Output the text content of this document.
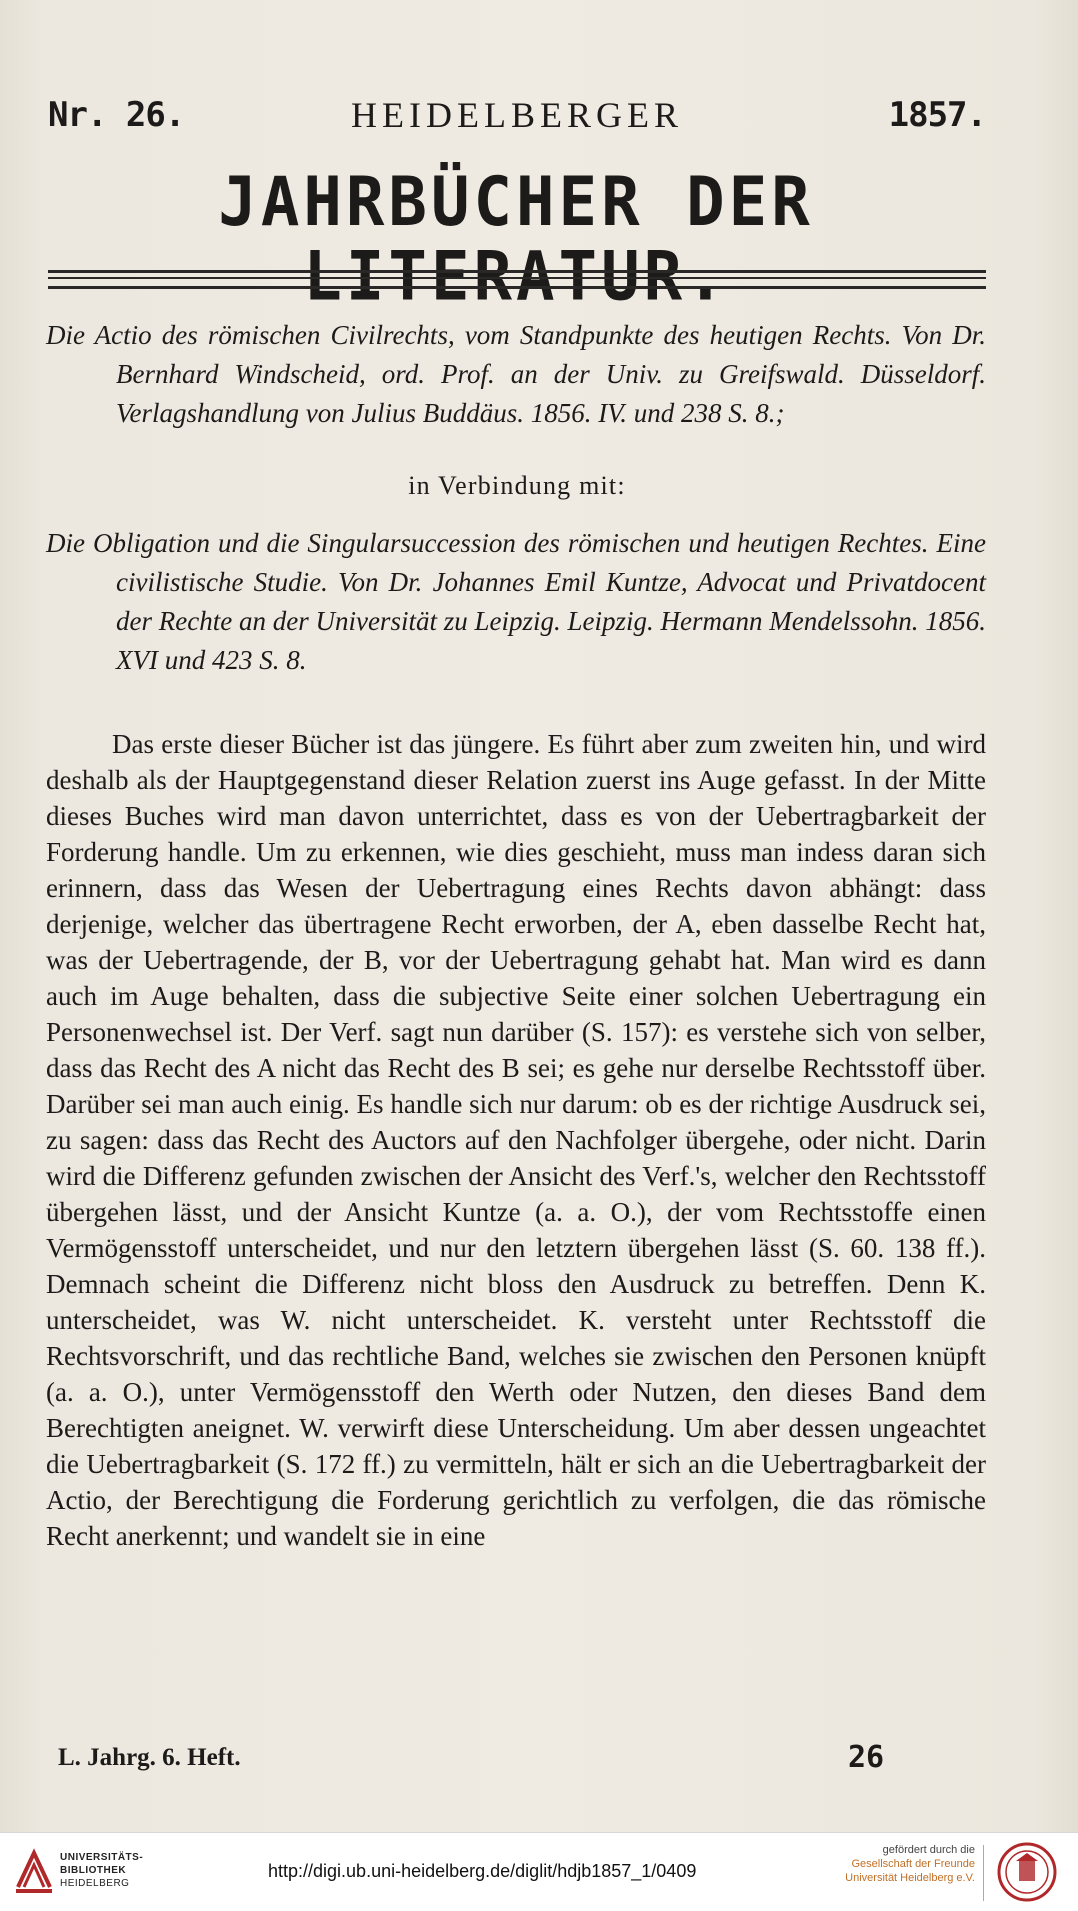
Nr. 26.	HEIDELBERGER	1857.
JAHRBÜCHER DER LITERATUR.

Die Actio des römischen Civilrechts, vom Standpunkte des heutigen Rechts. Von Dr. Bernhard Windscheid, ord. Prof. an der Univ. zu Greifswald. Düsseldorf. Verlagshandlung von Julius Buddäus. 1856. IV. und 238 S. 8.;

in Verbindung mit:

Die Obligation und die Singularsuccession des römischen und heutigen Rechtes. Eine civilistische Studie. Von Dr. Johannes Emil Kuntze, Advocat und Privatdocent der Rechte an der Universität zu Leipzig. Leipzig. Hermann Mendelssohn. 1856. XVI und 423 S. 8.

Das erste dieser Bücher ist das jüngere. Es führt aber zum zweiten hin, und wird deshalb als der Hauptgegenstand dieser Relation zuerst ins Auge gefasst. In der Mitte dieses Buches wird man davon unterrichtet, dass es von der Uebertragbarkeit der Forderung handle. Um zu erkennen, wie dies geschieht, muss man indess daran sich erinnern, dass das Wesen der Uebertragung eines Rechts davon abhängt: dass derjenige, welcher das übertragene Recht erworben, der A, eben dasselbe Recht hat, was der Uebertragende, der B, vor der Uebertragung gehabt hat. Man wird es dann auch im Auge behalten, dass die subjective Seite einer solchen Uebertragung ein Personenwechsel ist. Der Verf. sagt nun darüber (S. 157): es verstehe sich von selber, dass das Recht des A nicht das Recht des B sei; es gehe nur derselbe Rechtsstoff über. Darüber sei man auch einig. Es handle sich nur darum: ob es der richtige Ausdruck sei, zu sagen: dass das Recht des Auctors auf den Nachfolger übergehe, oder nicht. Darin wird die Differenz gefunden zwischen der Ansicht des Verf.'s, welcher den Rechtsstoff übergehen lässt, und der Ansicht Kuntze (a. a. O.), der vom Rechtsstoffe einen Vermögensstoff unterscheidet, und nur den letztern übergehen lässt (S. 60. 138 ff.). Demnach scheint die Differenz nicht bloss den Ausdruck zu betreffen. Denn K. unterscheidet, was W. nicht unterscheidet. K. versteht unter Rechtsstoff die Rechtsvorschrift, und das rechtliche Band, welches sie zwischen den Personen knüpft (a. a. O.), unter Vermögensstoff den Werth oder Nutzen, den dieses Band dem Berechtigten aneignet. W. verwirft diese Unterscheidung. Um aber dessen ungeachtet die Uebertragbarkeit (S. 172 ff.) zu vermitteln, hält er sich an die Uebertragbarkeit der Actio, der Berechtigung die Forderung gerichtlich zu verfolgen, die das römische Recht anerkennt; und wandelt sie in eine

L. Jahrg. 6. Heft.	26
UNIVERSITÄTS-
BIBLIOTHEK
HEIDELBERG
http://digi.ub.uni-heidelberg.de/diglit/hdjb1857_1/0409
gefördert durch die
Gesellschaft der Freunde
Universität Heidelberg e.V.
